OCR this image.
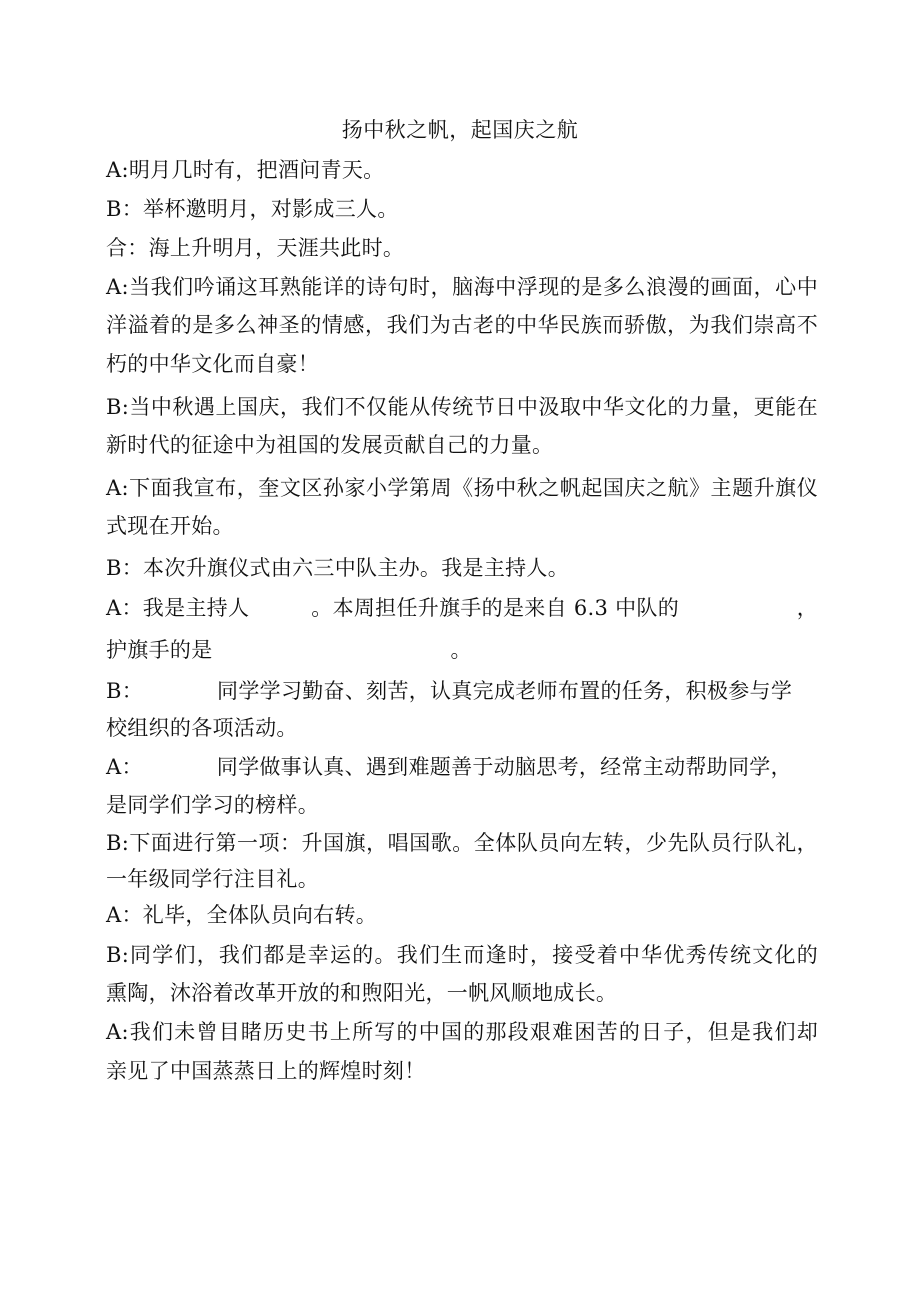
扬中秋之帆，起国庆之航
A:明月几时有，把酒问青天。
B：举杯邀明月，对影成三人。
合：海上升明月，天涯共此时。
A:当我们吟诵这耳熟能详的诗句时，脑海中浮现的是多么浪漫的画面，心中
洋溢着的是多么神圣的情感，我们为古老的中华民族而骄傲，为我们崇高不
朽的中华文化而自豪！
B:当中秋遇上国庆，我们不仅能从传统节日中汲取中华文化的力量，更能在
新时代的征途中为祖国的发展贡献自己的力量。
A:下面我宣布，奎文区孙家小学第周《扬中秋之帆起国庆之航》主题升旗仪
式现在开始。
B：本次升旗仪式由六三中队主办。我是主持人。
A：我是主持人	。本周担任升旗手的是来自 6.3 中队的	，
护旗手的是	。
B：	同学学习勤奋、刻苦，认真完成老师布置的任务，积极参与学
校组织的各项活动。
A：	同学做事认真、遇到难题善于动脑思考，经常主动帮助同学，
是同学们学习的榜样。
B:下面进行第一项：升国旗，唱国歌。全体队员向左转，少先队员行队礼，
一年级同学行注目礼。
A：礼毕，全体队员向右转。
B:同学们，我们都是幸运的。我们生而逢时，接受着中华优秀传统文化的
熏陶，沐浴着改革开放的和煦阳光，一帆风顺地成长。
A:我们未曾目睹历史书上所写的中国的那段艰难困苦的日子，但是我们却
亲见了中国蒸蒸日上的辉煌时刻！
